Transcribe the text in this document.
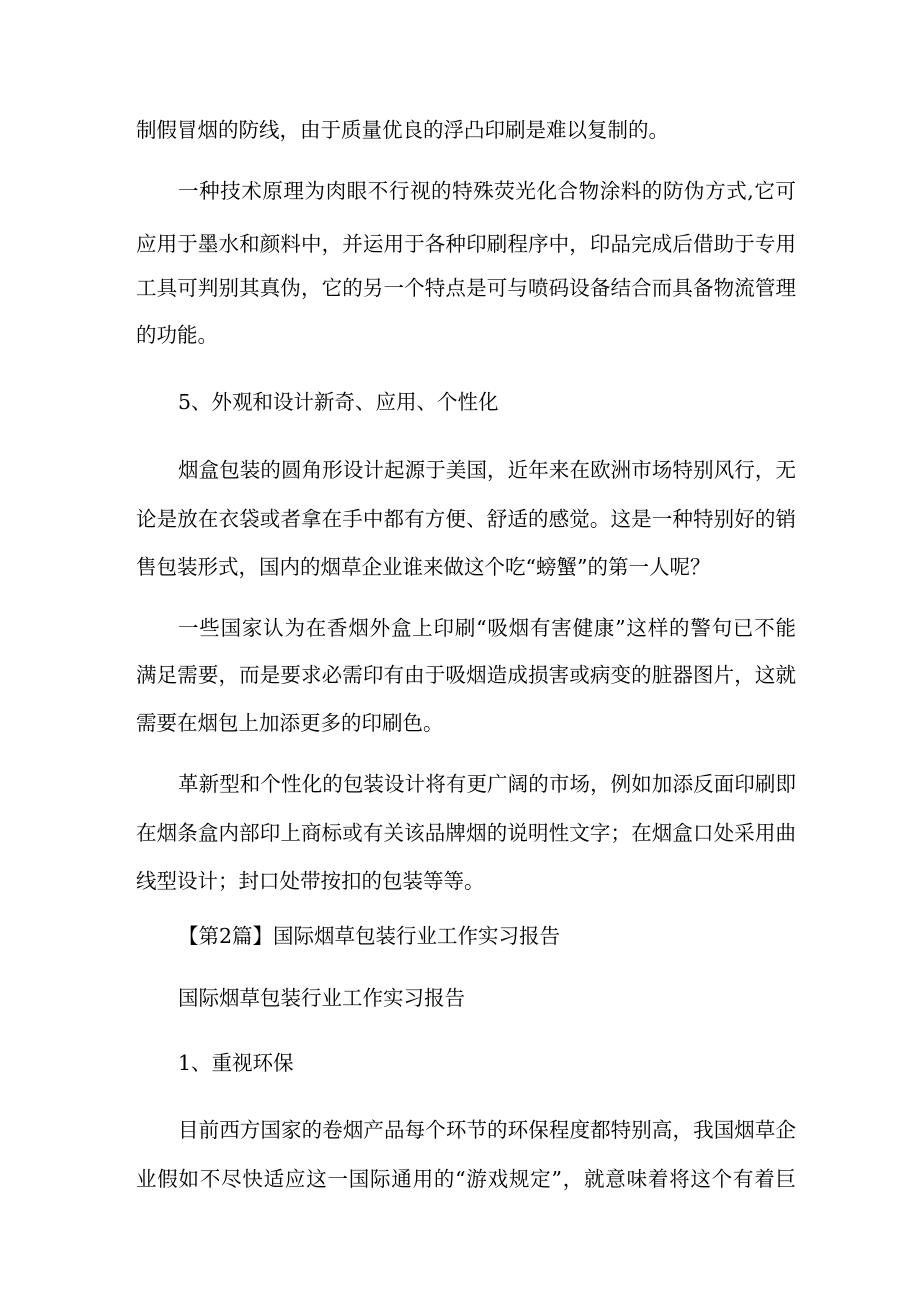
制假冒烟的防线，由于质量优良的浮凸印刷是难以复制的。
一种技术原理为肉眼不行视的特殊荧光化合物涂料的防伪方式,它可
应用于墨水和颜料中，并运用于各种印刷程序中，印品完成后借助于专用
工具可判别其真伪，它的另一个特点是可与喷码设备结合而具备物流管理
的功能。
5、外观和设计新奇、应用、个性化
烟盒包装的圆角形设计起源于美国，近年来在欧洲市场特别风行，无
论是放在衣袋或者拿在手中都有方便、舒适的感觉。这是一种特别好的销
售包装形式，国内的烟草企业谁来做这个吃“螃蟹”的第一人呢？
一些国家认为在香烟外盒上印刷“吸烟有害健康”这样的警句已不能
满足需要，而是要求必需印有由于吸烟造成损害或病变的脏器图片，这就
需要在烟包上加添更多的印刷色。
革新型和个性化的包装设计将有更广阔的市场，例如加添反面印刷即
在烟条盒内部印上商标或有关该品牌烟的说明性文字；在烟盒口处采用曲
线型设计；封口处带按扣的包装等等。
【第2篇】国际烟草包装行业工作实习报告
国际烟草包装行业工作实习报告
1、重视环保
目前西方国家的卷烟产品每个环节的环保程度都特别高，我国烟草企
业假如不尽快适应这一国际通用的“游戏规定”，就意味着将这个有着巨
